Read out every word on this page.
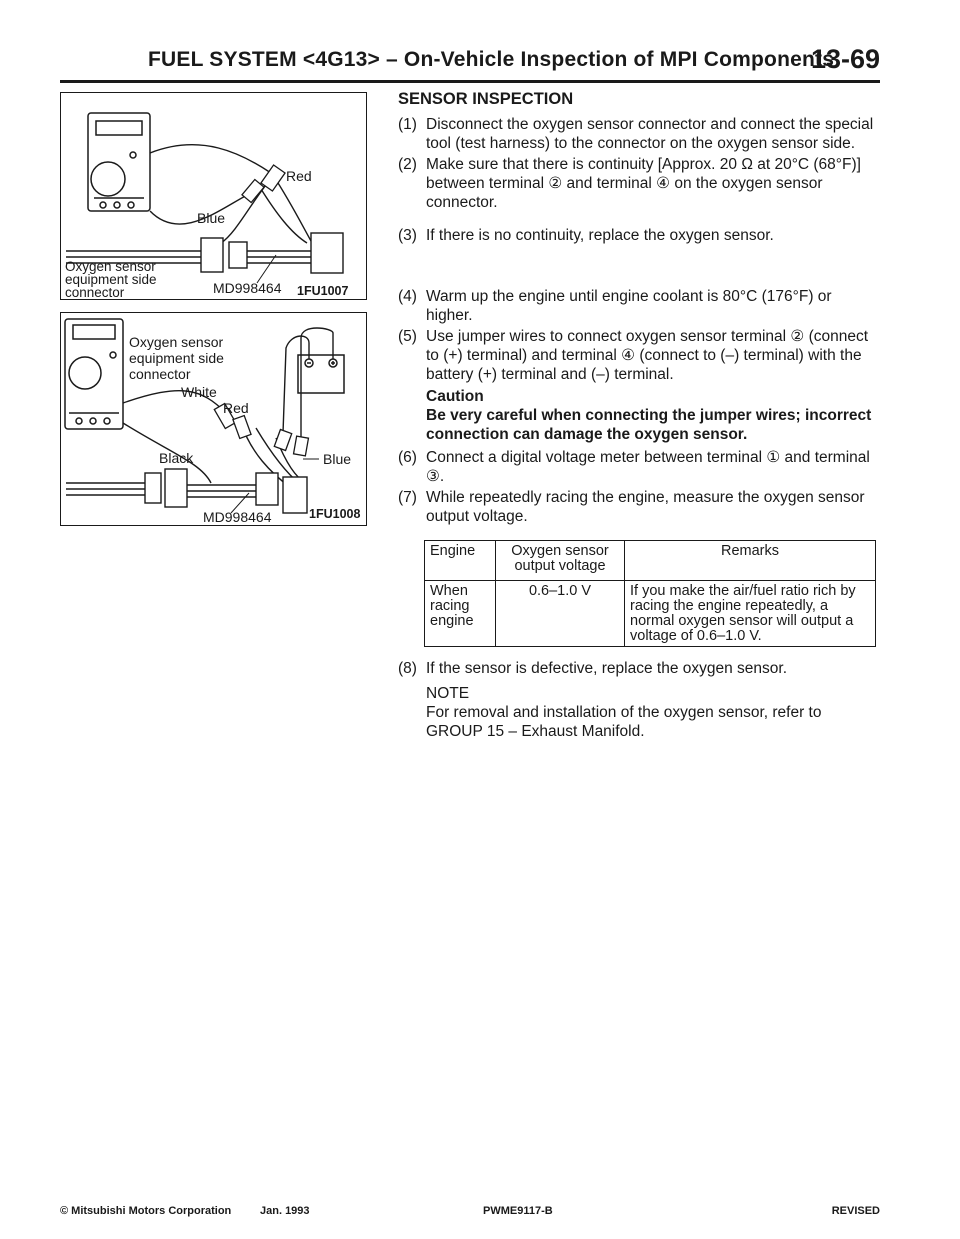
FUEL SYSTEM <4G13> – On-Vehicle Inspection of MPI Components
13-69
Red
Blue
Oxygen sensor
equipment side
connector	MD998464 1FU1007
Oxygen sensor
equipment side
connector
White
Red
Black	Blue
MD998464	1FU1008
SENSOR INSPECTION
(1) Disconnect the oxygen sensor connector and connect the special tool (test harness) to the connector on the oxygen sensor side.
(2) Make sure that there is continuity [Approx. 20 Ω at 20°C (68°F)] between terminal ② and terminal ④ on the oxygen sensor connector.
(3) If there is no continuity, replace the oxygen sensor.
(4) Warm up the engine until engine coolant is 80°C (176°F) or higher.
(5) Use jumper wires to connect oxygen sensor terminal ② (connect to (+) terminal) and terminal ④ (connect to (–) terminal) with the battery (+) terminal and (–) terminal.
Caution
Be very careful when connecting the jumper wires; incorrect connection can damage the oxygen sensor.
(6) Connect a digital voltage meter between terminal ① and terminal ③.
(7) While repeatedly racing the engine, measure the oxygen sensor output voltage.
Engine	Oxygen sensor output voltage	Remarks
When racing engine	0.6–1.0 V	If you make the air/fuel ratio rich by racing the engine repeatedly, a normal oxygen sensor will output a voltage of 0.6–1.0 V.
(8) If the sensor is defective, replace the oxygen sensor.
NOTE
For removal and installation of the oxygen sensor, refer to GROUP 15 – Exhaust Manifold.
© Mitsubishi Motors Corporation	Jan. 1993	PWME9117-B	REVISED
